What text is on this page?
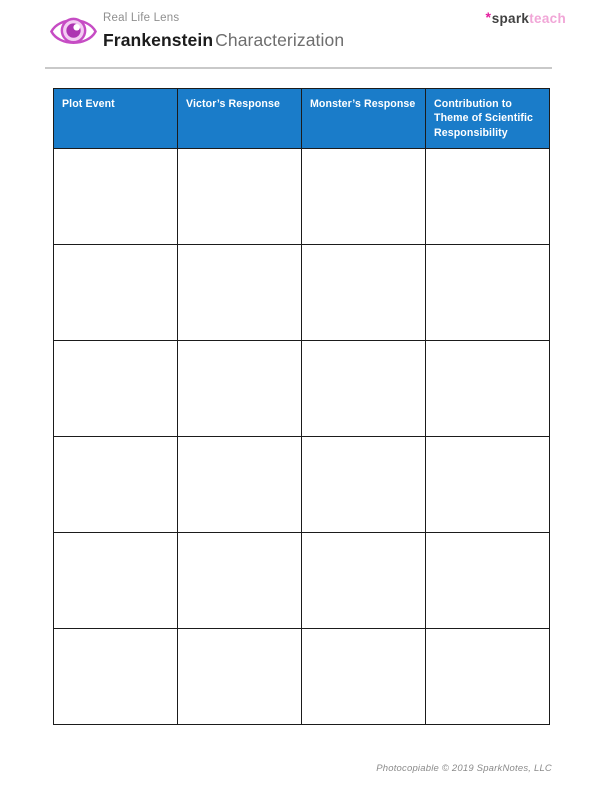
Real Life Lens
Frankenstein Characterization
*sparkteach
Plot Event	Victor’s Response	Monster’s Response	Contribution to Theme of Scientific Responsibility

Photocopiable © 2019 SparkNotes, LLC
